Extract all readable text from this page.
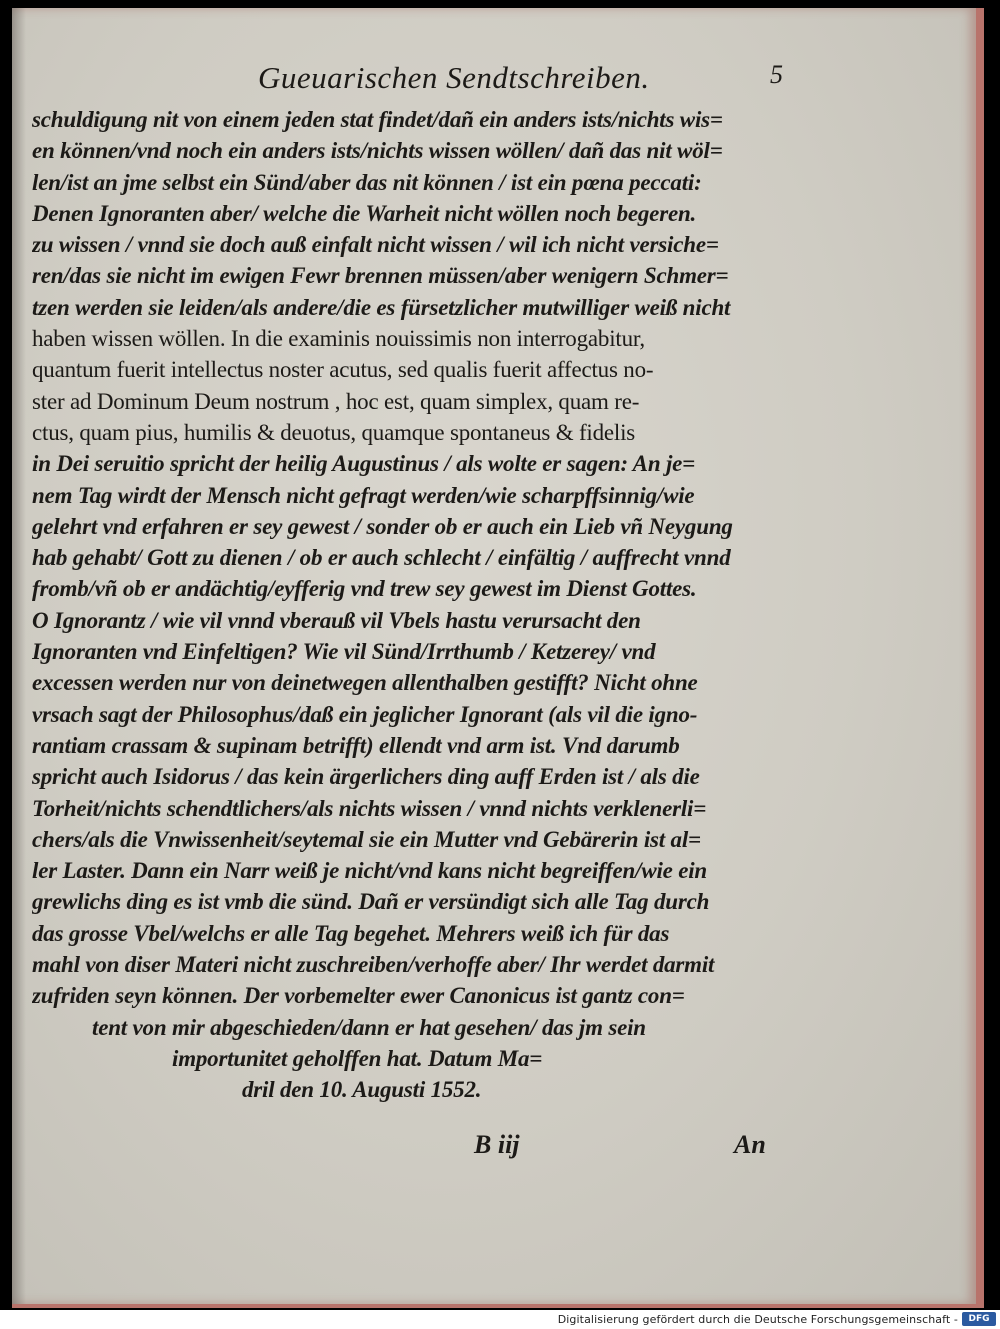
Gueuarischen Sendtschreiben.	5
schuldigung nit von einem jeden stat findet/dañ ein anders ists/nichts wis=
en können/vnd noch ein anders ists/nichts wissen wöllen/ dañ das nit wöl=
len/ist an jme selbst ein Sünd/aber das nit können / ist ein pœna peccati:
Denen Ignoranten aber/ welche die Warheit nicht wöllen noch begeren.
zu wissen / vnnd sie doch auß einfalt nicht wissen / wil ich nicht versiche=
ren/das sie nicht im ewigen Fewr brennen müssen/aber wenigern Schmer=
tzen werden sie leiden/als andere/die es fürsetzlicher mutwilliger weiß nicht
haben wissen wöllen. In die examinis nouissimis non interrogabitur,
quantum fuerit intellectus noster acutus, sed qualis fuerit affectus no-
ster ad Dominum Deum nostrum , hoc est, quam simplex, quam re-
ctus, quam pius, humilis & deuotus, quamque spontaneus & fidelis
in Dei seruitio spricht der heilig Augustinus / als wolte er sagen: An je=
nem Tag wirdt der Mensch nicht gefragt werden/wie scharpffsinnig/wie
gelehrt vnd erfahren er sey gewest / sonder ob er auch ein Lieb vñ Neygung
hab gehabt/ Gott zu dienen / ob er auch schlecht / einfältig / auffrecht vnnd
fromb/vñ ob er andächtig/eyfferig vnd trew sey gewest im Dienst Gottes.
O Ignorantz / wie vil vnnd vberauß vil Vbels hastu verursacht den
Ignoranten vnd Einfeltigen? Wie vil Sünd/Irrthumb / Ketzerey/ vnd
excessen werden nur von deinetwegen allenthalben gestifft? Nicht ohne
vrsach sagt der Philosophus/daß ein jeglicher Ignorant (als vil die igno-
rantiam crassam & supinam betrifft) ellendt vnd arm ist. Vnd darumb
spricht auch Isidorus / das kein ärgerlichers ding auff Erden ist / als die
Torheit/nichts schendtlichers/als nichts wissen / vnnd nichts verklenerli=
chers/als die Vnwissenheit/seytemal sie ein Mutter vnd Gebärerin ist al=
ler Laster. Dann ein Narr weiß je nicht/vnd kans nicht begreiffen/wie ein
grewlichs ding es ist vmb die sünd. Dañ er versündigt sich alle Tag durch
das grosse Vbel/welchs er alle Tag begehet. Mehrers weiß ich für das
mahl von diser Materi nicht zuschreiben/verhoffe aber/ Ihr werdet darmit
zufriden seyn können. Der vorbemelter ewer Canonicus ist gantz con=
tent von mir abgeschieden/dann er hat gesehen/ das jm sein
importunitet geholffen hat. Datum Ma=
dril den 10. Augusti 1552.
B iij	An
Digitalisierung gefördert durch die Deutsche Forschungsgemeinschaft -	DFG
